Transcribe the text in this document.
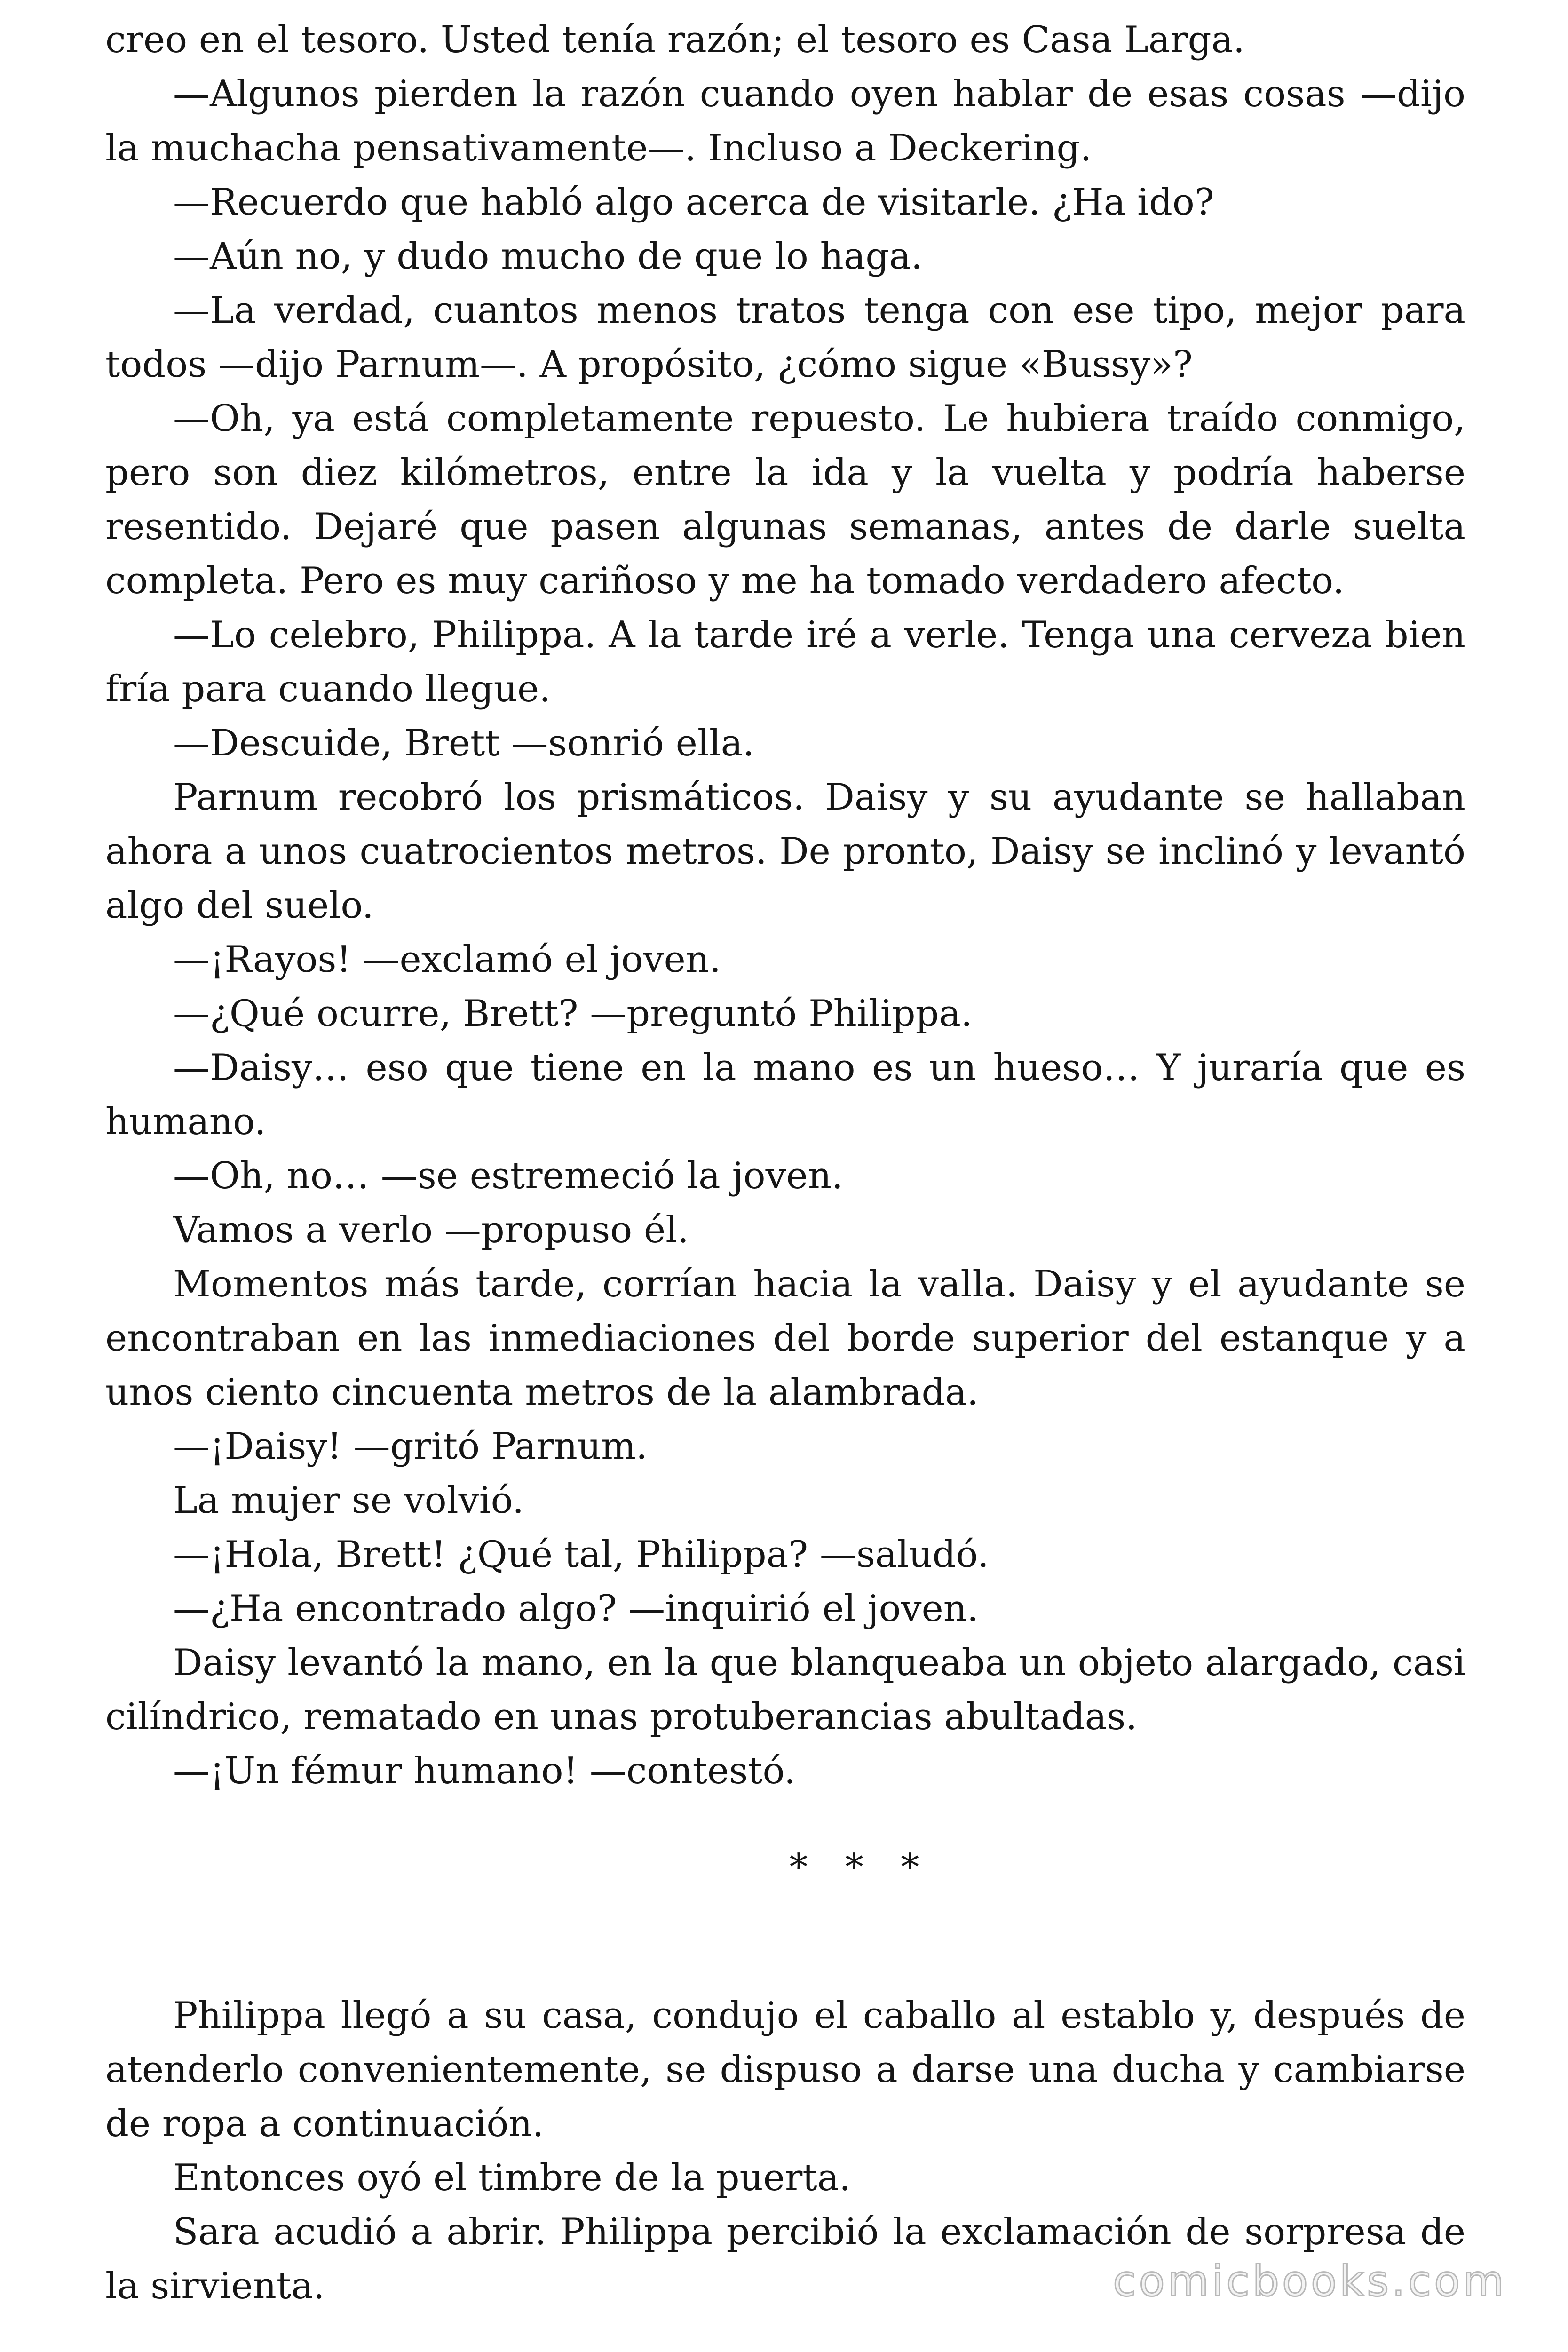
creo en el tesoro. Usted tenía razón; el tesoro es Casa Larga.

—Algunos pierden la razón cuando oyen hablar de esas cosas —dijo la muchacha pensativamente—. Incluso a Deckering.

—Recuerdo que habló algo acerca de visitarle. ¿Ha ido?

—Aún no, y dudo mucho de que lo haga.

—La verdad, cuantos menos tratos tenga con ese tipo, mejor para todos —dijo Parnum—. A propósito, ¿cómo sigue «Bussy»?

—Oh, ya está completamente repuesto. Le hubiera traído conmigo, pero son diez kilómetros, entre la ida y la vuelta y podría haberse resentido. Dejaré que pasen algunas semanas, antes de darle suelta completa. Pero es muy cariñoso y me ha tomado verdadero afecto.

—Lo celebro, Philippa. A la tarde iré a verle. Tenga una cerveza bien fría para cuando llegue.

—Descuide, Brett —sonrió ella.

Parnum recobró los prismáticos. Daisy y su ayudante se hallaban ahora a unos cuatrocientos metros. De pronto, Daisy se inclinó y levantó algo del suelo.

—¡Rayos! —exclamó el joven.

—¿Qué ocurre, Brett? —preguntó Philippa.

—Daisy… eso que tiene en la mano es un hueso… Y juraría que es humano.

—Oh, no… —se estremeció la joven.

Vamos a verlo —propuso él.

Momentos más tarde, corrían hacia la valla. Daisy y el ayudante se encontraban en las inmediaciones del borde superior del estanque y a unos ciento cincuenta metros de la alambrada.

—¡Daisy! —gritó Parnum.

La mujer se volvió.

—¡Hola, Brett! ¿Qué tal, Philippa? —saludó.

—¿Ha encontrado algo? —inquirió el joven.

Daisy levantó la mano, en la que blanqueaba un objeto alargado, casi cilíndrico, rematado en unas protuberancias abultadas.

—¡Un fémur humano! —contestó.

* * *

Philippa llegó a su casa, condujo el caballo al establo y, después de atenderlo convenientemente, se dispuso a darse una ducha y cambiarse de ropa a continuación.

Entonces oyó el timbre de la puerta.

Sara acudió a abrir. Philippa percibió la exclamación de sorpresa de la sirvienta.	comicbooks.com
